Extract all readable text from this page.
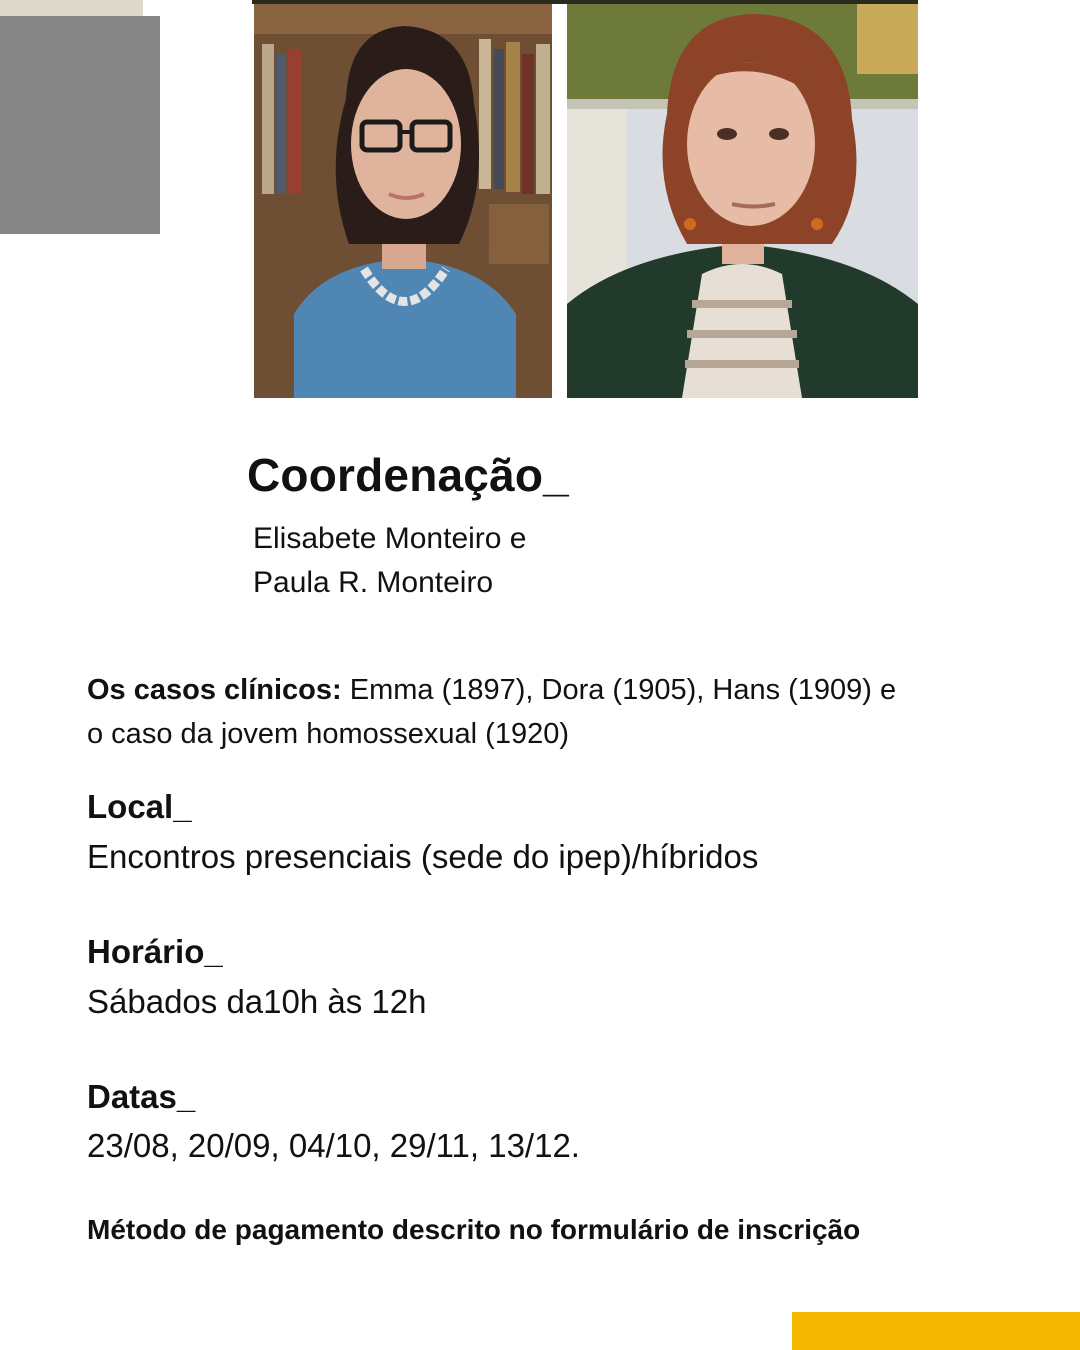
Coordenação_
Elisabete Monteiro e
Paula R. Monteiro

Os casos clínicos: Emma (1897), Dora (1905), Hans (1909) e o caso da jovem homossexual (1920)

Local_

Encontros presenciais (sede do ipep)/híbridos

Horário_

Sábados da10h às 12h

Datas_

23/08, 20/09, 04/10, 29/11, 13/12.

Método de pagamento descrito no formulário de inscrição
